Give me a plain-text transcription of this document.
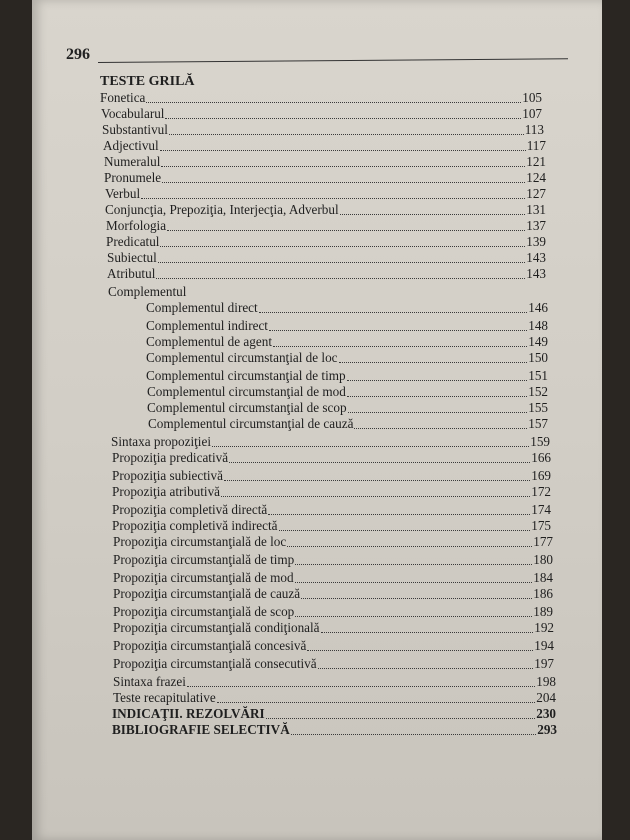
296
TESTE GRILĂ
Fonetica	105
Vocabularul	107
Substantivul	113
Adjectivul	117
Numeralul	121
Pronumele	124
Verbul	127
Conjuncţia, Prepoziţia, Interjecţia, Adverbul	131
Morfologia	137
Predicatul	139
Subiectul	143
Atributul	143
Complementul
Complementul direct	146
Complementul indirect	148
Complementul de agent	149
Complementul circumstanţial de loc	150
Complementul circumstanţial de timp	151
Complementul circumstanţial de mod	152
Complementul circumstanţial de scop	155
Complementul circumstanţial de cauză	157
Sintaxa propoziţiei	159
Propoziţia predicativă	166
Propoziţia subiectivă	169
Propoziţia atributivă	172
Propoziţia completivă directă	174
Propoziţia completivă indirectă	175
Propoziţia circumstanţială de loc	177
Propoziţia circumstanţială de timp	180
Propoziţia circumstanţială de mod	184
Propoziţia circumstanţială de cauză	186
Propoziţia circumstanţială de scop	189
Propoziţia circumstanţială condiţională	192
Propoziţia circumstanţială concesivă	194
Propoziţia circumstanţială consecutivă	197
Sintaxa frazei	198
Teste recapitulative	204
INDICAŢII. REZOLVĂRI	230
BIBLIOGRAFIE SELECTIVĂ	293
